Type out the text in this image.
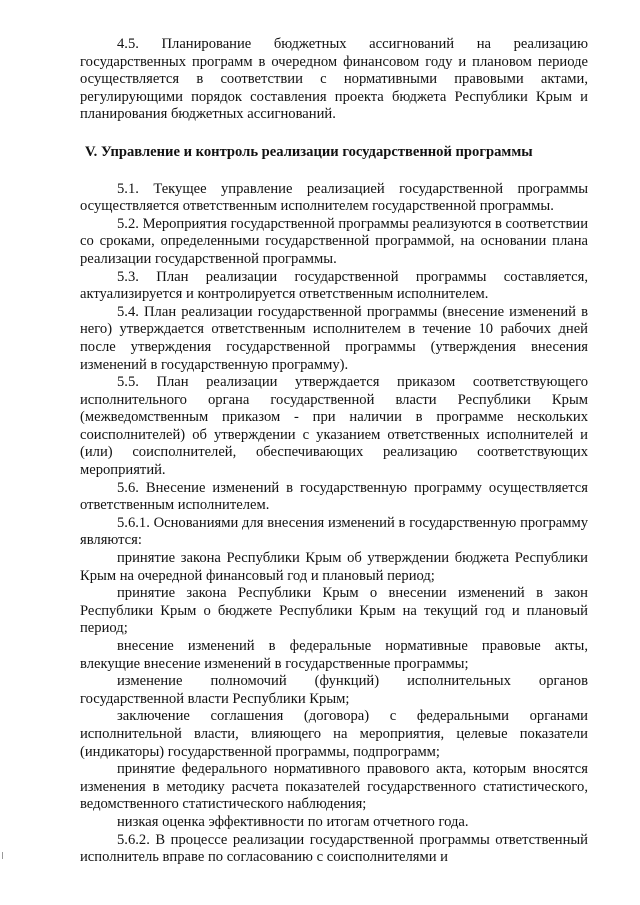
4.5. Планирование бюджетных ассигнований на реализацию государственных программ в очередном финансовом году и плановом периоде осуществляется в соответствии с нормативными правовыми актами, регулирующими порядок составления проекта бюджета Республики Крым и планирования бюджетных ассигнований.

V. Управление и контроль реализации государственной программы

5.1. Текущее управление реализацией государственной программы осуществляется ответственным исполнителем государственной программы.

5.2. Мероприятия государственной программы реализуются в соответствии со сроками, определенными государственной программой, на основании плана реализации государственной программы.

5.3. План реализации государственной программы составляется, актуализируется и контролируется ответственным исполнителем.

5.4. План реализации государственной программы (внесение изменений в него) утверждается ответственным исполнителем в течение 10 рабочих дней после утверждения государственной программы (утверждения внесения изменений в государственную программу).

5.5. План реализации утверждается приказом соответствующего исполнительного органа государственной власти Республики Крым (межведомственным приказом - при наличии в программе нескольких соисполнителей) об утверждении с указанием ответственных исполнителей и (или) соисполнителей, обеспечивающих реализацию соответствующих мероприятий.

5.6. Внесение изменений в государственную программу осуществляется ответственным исполнителем.

5.6.1. Основаниями для внесения изменений в государственную программу являются:

принятие закона Республики Крым об утверждении бюджета Республики Крым на очередной финансовый год и плановый период;

принятие закона Республики Крым о внесении изменений в закон Республики Крым о бюджете Республики Крым на текущий год и плановый период;

внесение изменений в федеральные нормативные правовые акты, влекущие внесение изменений в государственные программы;

изменение полномочий (функций) исполнительных органов государственной власти Республики Крым;

заключение соглашения (договора) с федеральными органами исполнительной власти, влияющего на мероприятия, целевые показатели (индикаторы) государственной программы, подпрограмм;

принятие федерального нормативного правового акта, которым вносятся изменения в методику расчета показателей государственного статистического, ведомственного статистического наблюдения;

низкая оценка эффективности по итогам отчетного года.

5.6.2. В процессе реализации государственной программы ответственный исполнитель вправе по согласованию с соисполнителями и
